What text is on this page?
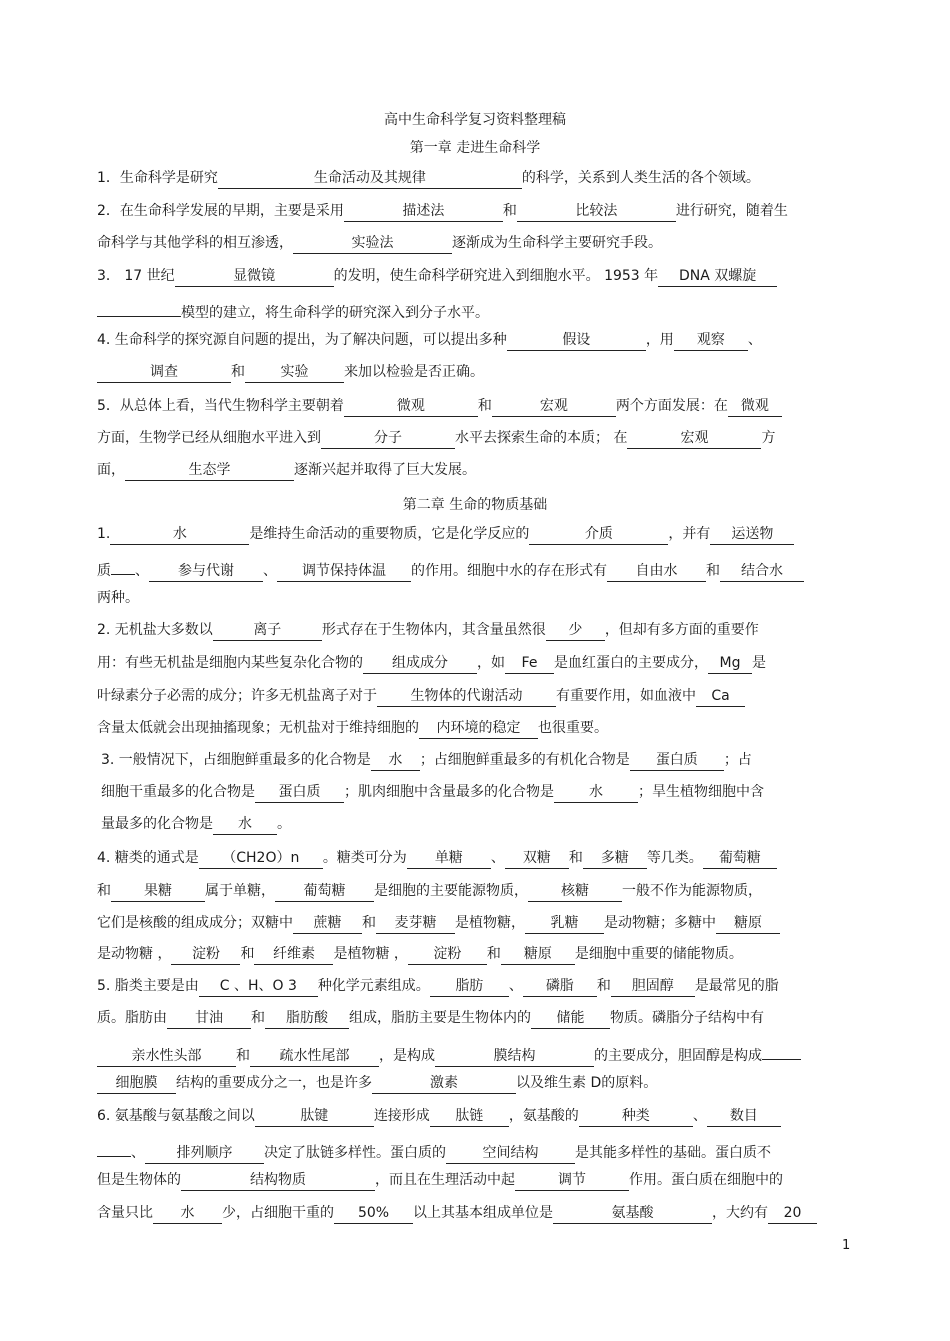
高中生命科学复习资料整理稿
第一章 走进生命科学
第二章 生命的物质基础
1．生命科学是研究	生命活动及其规律	的科学，关系到人类生活的各个领域。
2．在生命科学发展的早期，主要是采用	描述法	和	比较法	进行研究，随着生
命科学与其他学科的相互渗透，	实验法	逐渐成为生命科学主要研究手段。
3． 17 世纪	显微镜	的发明，使生命科学研究进入到细胞水平。 1953 年 DNA 双螺旋
模型的建立，将生命科学的研究深入到分子水平。
4. 生命科学的探究源自问题的提出，为了解决问题，可以提出多种	假设	，用 观察 、
调查	和	实验	来加以检验是否正确。
5．从总体上看，当代生物科学主要朝着	微观	和	宏观	两个方面发展：在 微观
方面，生物学已经从细胞水平进入到	分子	水平去探索生命的本质； 在	宏观	方
面，	生态学	逐渐兴起并取得了巨大发展。
1.	水	是维持生命活动的重要物质，它是化学反应的	介质	，并有 运送物
质 、 参与代谢 、 调节保持体温 的作用。细胞中水的存在形式有 自由水 和 结合水
两种。
2. 无机盐大多数以	离子	形式存在于生物体内，其含量虽然很 少 ，但却有多方面的重要作
用：有些无机盐是细胞内某些复杂化合物的 组成成分 ，如 Fe 是血红蛋白的主要成分， Mg 是
叶绿素分子必需的成分；许多无机盐离子对于 生物体的代谢活动 有重要作用，如血液中 Ca
含量太低就会出现抽搐现象；无机盐对于维持细胞的 内环境的稳定 也很重要。
3. 一般情况下，占细胞鲜重最多的化合物是 水 ；占细胞鲜重最多的有机化合物是 蛋白质 ；占
细胞干重最多的化合物是 蛋白质 ；肌肉细胞中含量最多的化合物是	水	；旱生植物细胞中含
量最多的化合物是 水 。
4. 糖类的通式是 （CH2O）n 。糖类可分为 单糖 、 双糖 和 多糖 等几类。 葡萄糖
和 果糖 属于单糖， 葡萄糖 是细胞的主要能源物质， 核糖 一般不作为能源物质，
它们是核酸的组成成分；双糖中 蔗糖 和 麦芽糖 是植物糖， 乳糖 是动物糖；多糖中 糖原
是动物糖 ， 淀粉 和 纤维素 是植物糖 ， 淀粉 和 糖原 是细胞中重要的储能物质。
5. 脂类主要是由 C 、H、O 3 种化学元素组成。 脂肪 、 磷脂 和 胆固醇 是最常见的脂
质。脂肪由 甘油 和 脂肪酸 组成，脂肪主要是生物体内的 储能 物质。磷脂分子结构中有
亲水性头部 和 疏水性尾部 ，是构成	膜结构	的主要成分，胆固醇是构成
细胞膜 结构的重要成分之一，也是许多	激素	以及维生素 D的原料。
6. 氨基酸与氨基酸之间以	肽键	连接形成 肽链 ，氨基酸的	种类	、 数目
、 排列顺序 决定了肽链多样性。蛋白质的	空间结构	是其能多样性的基础。蛋白质不
但是生物体的	结构物质	，而且在生理活动中起	调节	作用。蛋白质在细胞中的
含量只比 水 少，占细胞干重的 50% 以上其基本组成单位是	氨基酸	，大约有 20
1
